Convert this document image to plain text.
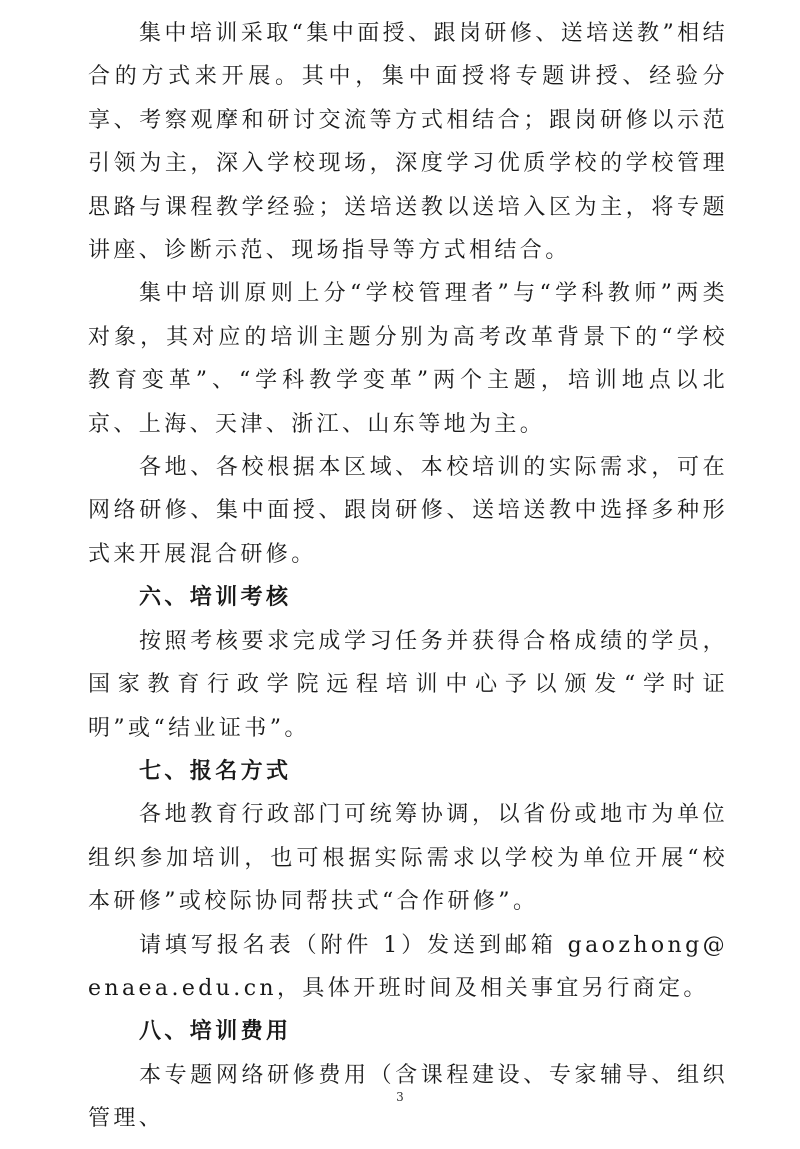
集中培训采取“集中面授、跟岗研修、送培送教”相结合的方式来开展。其中，集中面授将专题讲授、经验分享、考察观摩和研讨交流等方式相结合；跟岗研修以示范引领为主，深入学校现场，深度学习优质学校的学校管理思路与课程教学经验；送培送教以送培入区为主，将专题讲座、诊断示范、现场指导等方式相结合。

集中培训原则上分“学校管理者”与“学科教师”两类对象，其对应的培训主题分别为高考改革背景下的“学校教育变革”、“学科教学变革”两个主题，培训地点以北京、上海、天津、浙江、山东等地为主。

各地、各校根据本区域、本校培训的实际需求，可在网络研修、集中面授、跟岗研修、送培送教中选择多种形式来开展混合研修。

六、培训考核

按照考核要求完成学习任务并获得合格成绩的学员，国家教育行政学院远程培训中心予以颁发“学时证明”或“结业证书”。

七、报名方式

各地教育行政部门可统筹协调，以省份或地市为单位组织参加培训，也可根据实际需求以学校为单位开展“校本研修”或校际协同帮扶式“合作研修”。

请填写报名表（附件 1）发送到邮箱 gaozhong@enaea.edu.cn，具体开班时间及相关事宜另行商定。

八、培训费用

本专题网络研修费用（含课程建设、专家辅导、组织管理、

3
